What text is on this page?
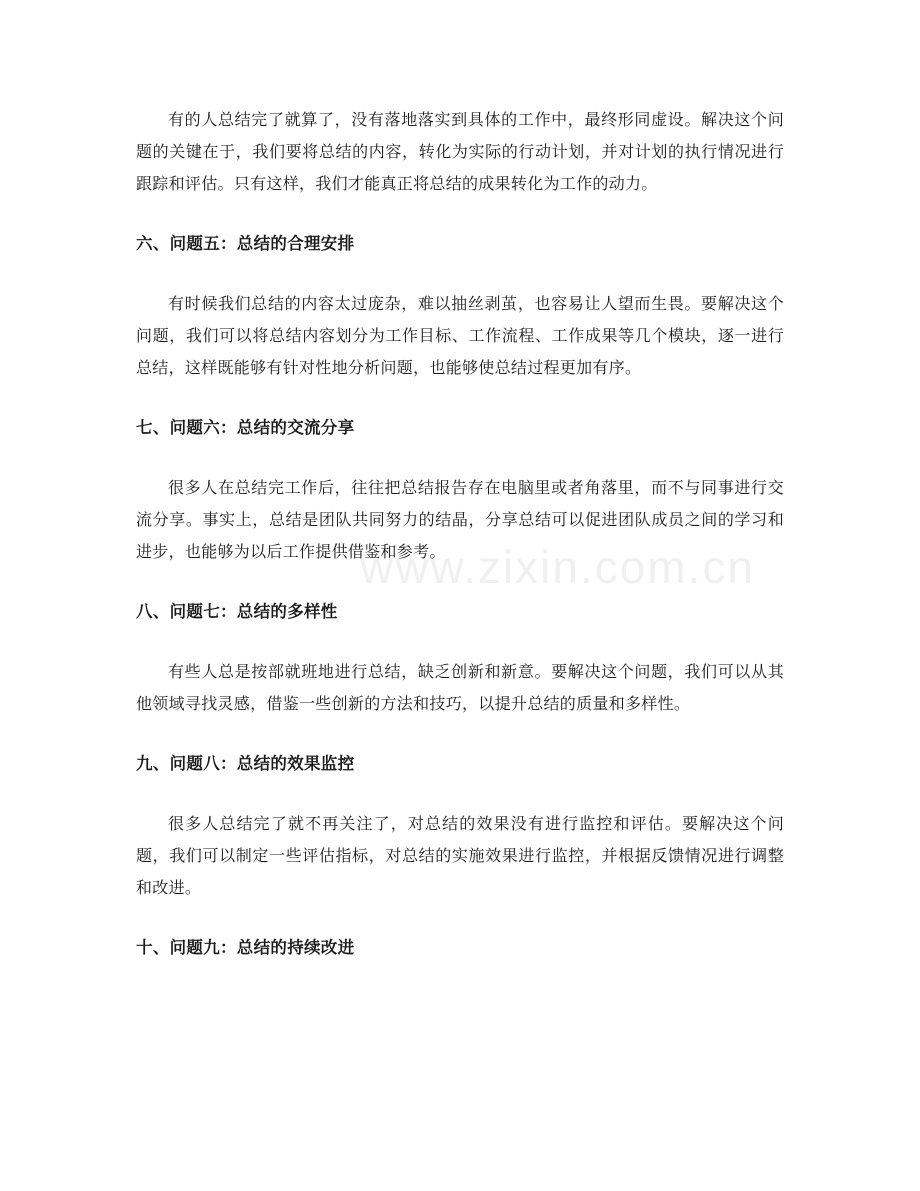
www.zixin.com.cn

有的人总结完了就算了，没有落地落实到具体的工作中，最终形同虚设。解决这个问题的关键在于，我们要将总结的内容，转化为实际的行动计划，并对计划的执行情况进行跟踪和评估。只有这样，我们才能真正将总结的成果转化为工作的动力。

六、问题五：总结的合理安排

有时候我们总结的内容太过庞杂，难以抽丝剥茧，也容易让人望而生畏。要解决这个问题，我们可以将总结内容划分为工作目标、工作流程、工作成果等几个模块，逐一进行总结，这样既能够有针对性地分析问题，也能够使总结过程更加有序。

七、问题六：总结的交流分享

很多人在总结完工作后，往往把总结报告存在电脑里或者角落里，而不与同事进行交流分享。事实上，总结是团队共同努力的结晶，分享总结可以促进团队成员之间的学习和进步，也能够为以后工作提供借鉴和参考。

八、问题七：总结的多样性

有些人总是按部就班地进行总结，缺乏创新和新意。要解决这个问题，我们可以从其他领域寻找灵感，借鉴一些创新的方法和技巧，以提升总结的质量和多样性。

九、问题八：总结的效果监控

很多人总结完了就不再关注了，对总结的效果没有进行监控和评估。要解决这个问题，我们可以制定一些评估指标，对总结的实施效果进行监控，并根据反馈情况进行调整和改进。

十、问题九：总结的持续改进
